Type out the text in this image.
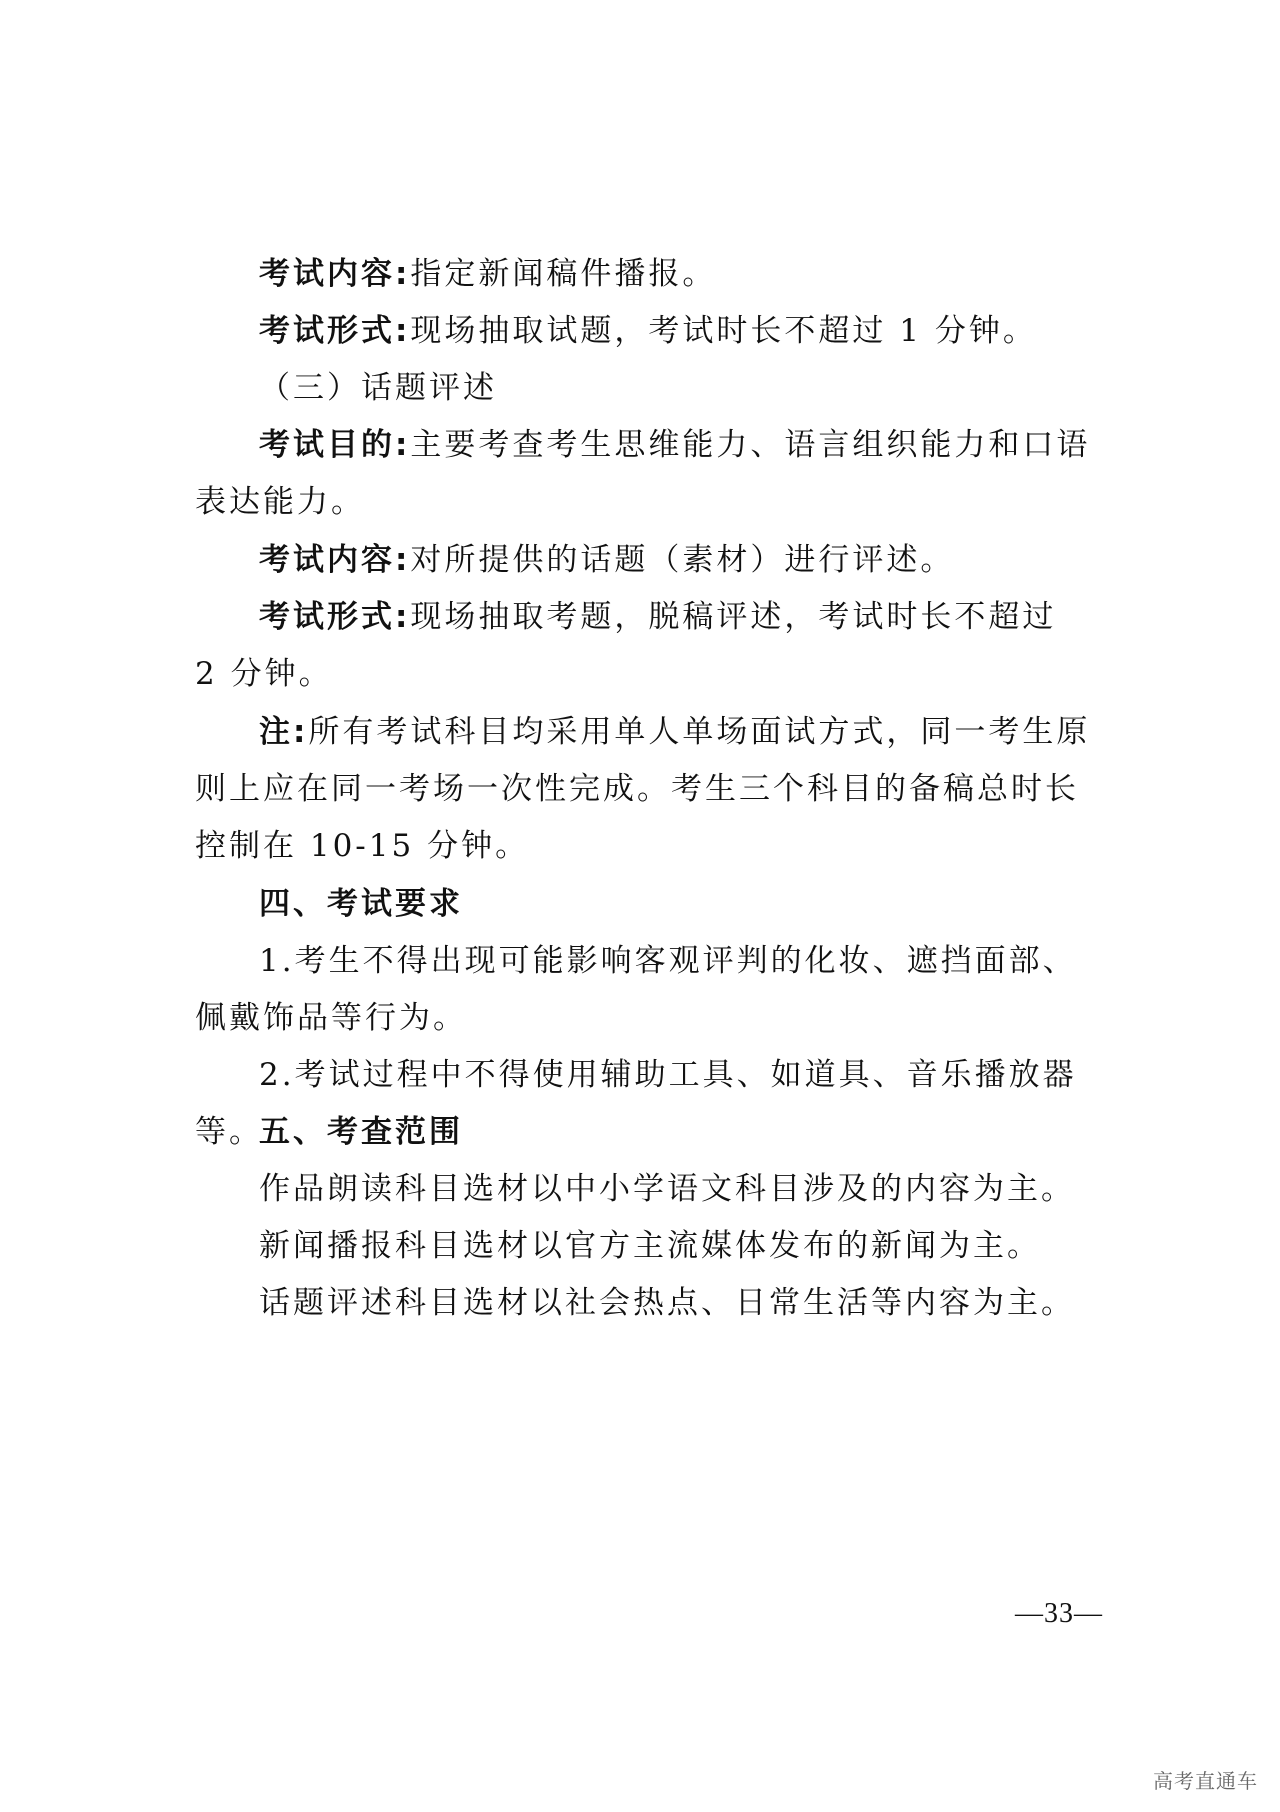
考试内容:指定新闻稿件播报。

考试形式:现场抽取试题，考试时长不超过 1 分钟。

（三）话题评述

考试目的:主要考查考生思维能力、语言组织能力和口语表达能力。

考试内容:对所提供的话题（素材）进行评述。

考试形式:现场抽取考题，脱稿评述，考试时长不超过 2 分钟。

注:所有考试科目均采用单人单场面试方式，同一考生原则上应在同一考场一次性完成。考生三个科目的备稿总时长控制在 10-15 分钟。

四、考试要求

1.考生不得出现可能影响客观评判的化妆、遮挡面部、佩戴饰品等行为。

2.考试过程中不得使用辅助工具、如道具、音乐播放器等。

五、考查范围

作品朗读科目选材以中小学语文科目涉及的内容为主。

新闻播报科目选材以官方主流媒体发布的新闻为主。

话题评述科目选材以社会热点、日常生活等内容为主。

—33—
高考直通车
